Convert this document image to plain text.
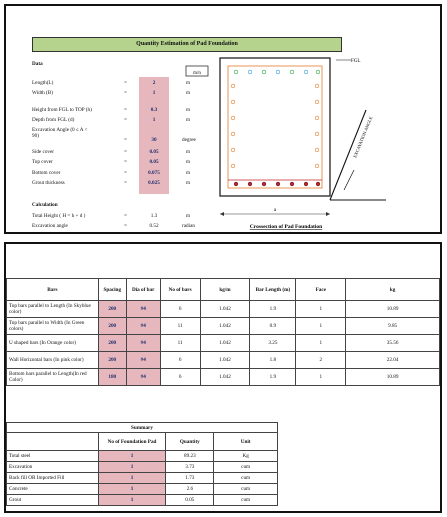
Quantity Estimation of Pad Foundation
Data
Length(L)	=	2	m
Width (B)	=	1	m
Height from FGL to TOP (h)	=	0.3	m
Depth from FGL (d)	=	1	m
Excavation Angle (0 ≤ A <
90)
=	30	degree
Side cover	=	0.05	m
Top cover	=	0.05	m
Bottom cover	=	0.075	m
Grout thickness	=	0.025	m
Calculation
Total Height ( H = h + d )	=	1.3	m
Excavation angle	=	0.52	radian
m/n
FGL
EXCAVATION ANGLE
a
Crossection of Pad Foundation
Bars	Spacing	Dia of bar	No of bars	kg/m	Bar Length (m)	Face	kg
Top bars parallel to Length (In Skyblue color)	200	#4	6	1.042	1.9	1	10.89
Top bars parallel to Width (In Green colors)	200	#4	11	1.042	0.9	1	9.85
U shaped bars (In Orange color)	200	#4	11	1.042	3.25	1	35.56
Wall Horizontal bars (In pink color)	200	#4	6	1.042	1.8	2	22.04
Bottom bars parallel to Length(In red Color)	180	#4	6	1.042	1.9	1	10.89
Summary			
	No of Foundation Pad	Quantity	Unit
Total steel	1	89.23	Kg
Excavation	1	3.73	cum
Back fill OR Imported Fill	1	1.73	cum
Concrete	1	2.6	cum
Grout	1	0.05	cum
